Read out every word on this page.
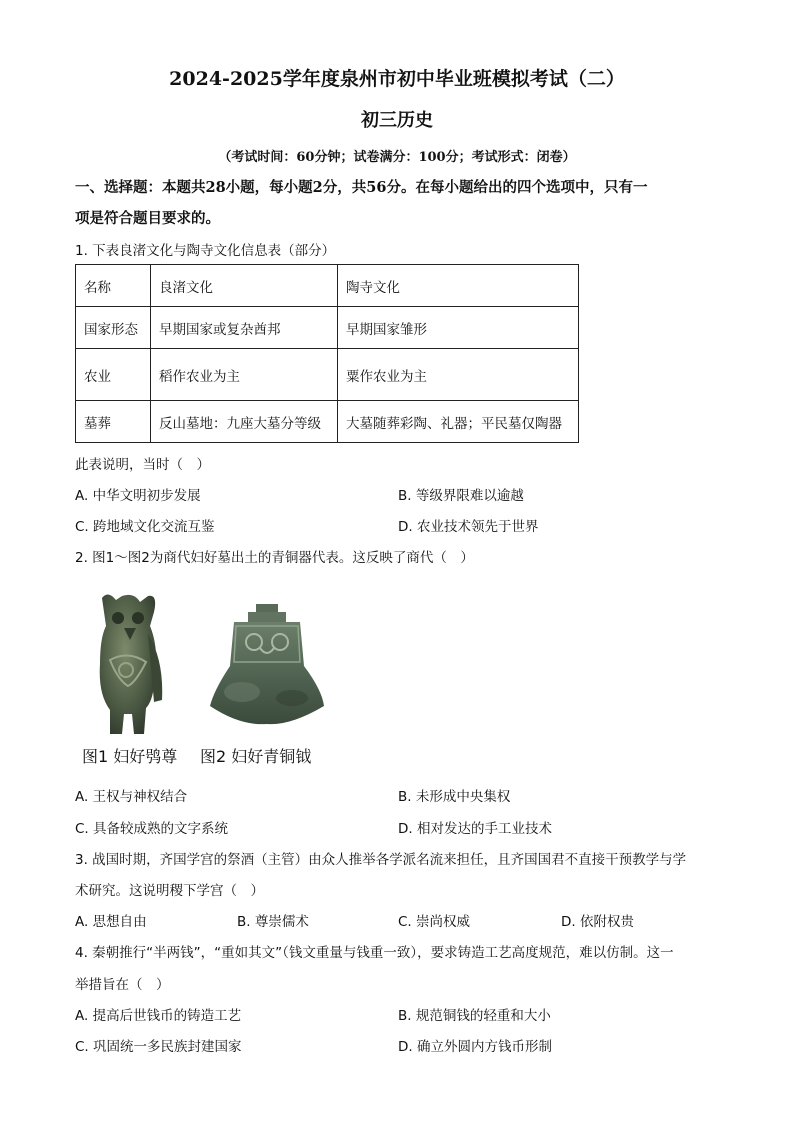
2024-2025学年度泉州市初中毕业班模拟考试（二）
初三历史
（考试时间：60分钟；试卷满分：100分；考试形式：闭卷）
一、选择题：本题共28小题，每小题2分，共56分。在每小题给出的四个选项中，只有一
项是符合题目要求的。
1. 下表良渚文化与陶寺文化信息表（部分）
名称	良渚文化	陶寺文化
国家形态	早期国家或复杂酋邦	早期国家雏形
农业	稻作农业为主	粟作农业为主
墓葬	反山墓地：九座大墓分等级	大墓随葬彩陶、礼器；平民墓仅陶器
此表说明，当时（　）
A. 中华文明初步发展	B. 等级界限难以逾越
C. 跨地域文化交流互鉴	D. 农业技术领先于世界
2. 图1～图2为商代妇好墓出土的青铜器代表。这反映了商代（　）
图1 妇好鸮尊 图2 妇好青铜钺
A. 王权与神权结合	B. 未形成中央集权
C. 具备较成熟的文字系统	D. 相对发达的手工业技术
3. 战国时期，齐国学宫的祭酒（主管）由众人推举各学派名流来担任，且齐国国君不直接干预教学与学
术研究。这说明稷下学宫（　）
A. 思想自由	B. 尊崇儒术	C. 崇尚权威	D. 依附权贵
4. 秦朝推行“半两钱”，“重如其文”（钱文重量与钱重一致），要求铸造工艺高度规范，难以仿制。这一
举措旨在（　）
A. 提高后世钱币的铸造工艺	B. 规范铜钱的轻重和大小
C. 巩固统一多民族封建国家	D. 确立外圆内方钱币形制
